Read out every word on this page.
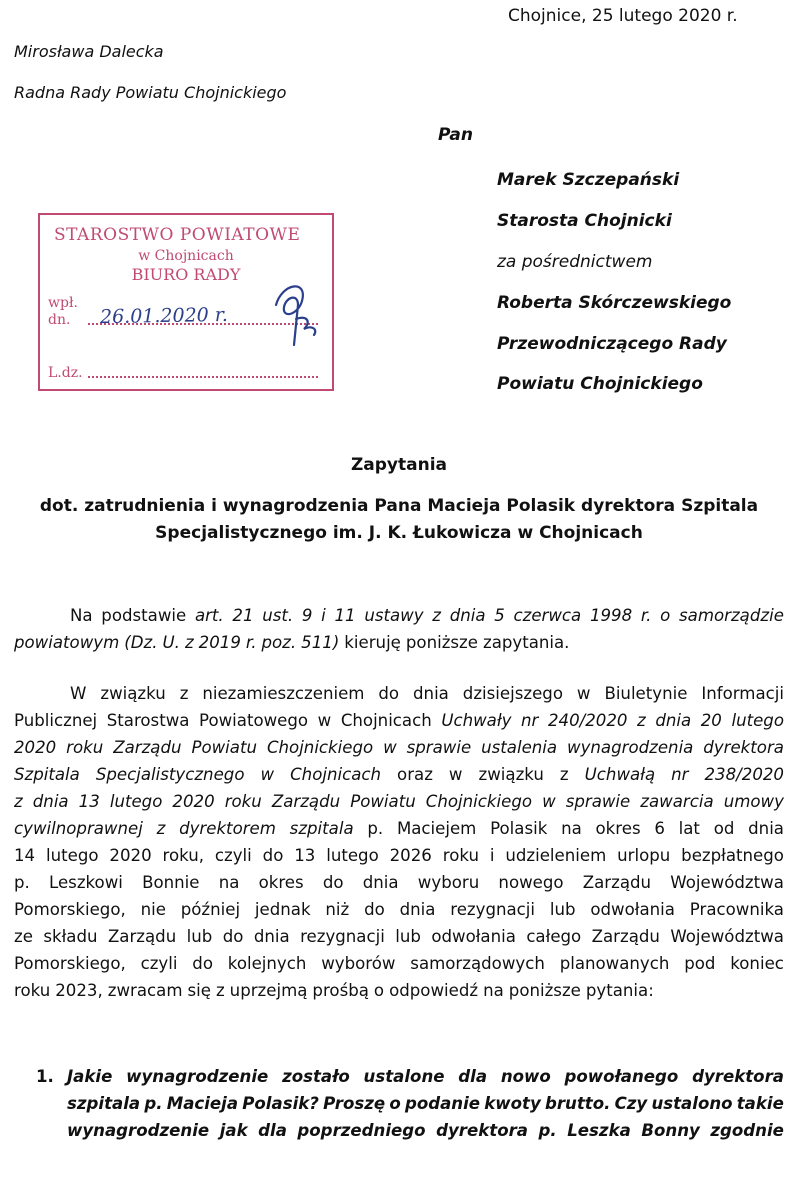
Chojnice, 25 lutego 2020 r.
Mirosława Dalecka
Radna Rady Powiatu Chojnickiego
Pan
Marek Szczepański
Starosta Chojnicki
za pośrednictwem
Roberta Skórczewskiego
Przewodniczącego Rady
Powiatu Chojnickiego
STAROSTWO POWIATOWE
w Chojnicach
BIURO RADY
wpł.
dn. 26.01.2020 r.
L.dz.
Zapytania
dot. zatrudnienia i wynagrodzenia Pana Macieja Polasik dyrektora Szpitala
Specjalistycznego im. J. K. Łukowicza w Chojnicach
Na podstawie art. 21 ust. 9 i 11 ustawy z dnia 5 czerwca 1998 r. o samorządzie
powiatowym (Dz. U. z 2019 r. poz. 511) kieruję poniższe zapytania.
W związku z niezamieszczeniem do dnia dzisiejszego w Biuletynie Informacji
Publicznej Starostwa Powiatowego w Chojnicach Uchwały nr 240/2020 z dnia 20 lutego
2020 roku Zarządu Powiatu Chojnickiego w sprawie ustalenia wynagrodzenia dyrektora
Szpitala Specjalistycznego w Chojnicach oraz w związku z Uchwałą nr 238/2020
z dnia 13 lutego 2020 roku Zarządu Powiatu Chojnickiego w sprawie zawarcia umowy
cywilnoprawnej z dyrektorem szpitala p. Maciejem Polasik na okres 6 lat od dnia
14 lutego 2020 roku, czyli do 13 lutego 2026 roku i udzieleniem urlopu bezpłatnego
p. Leszkowi Bonnie na okres do dnia wyboru nowego Zarządu Województwa
Pomorskiego, nie później jednak niż do dnia rezygnacji lub odwołania Pracownika
ze składu Zarządu lub do dnia rezygnacji lub odwołania całego Zarządu Województwa
Pomorskiego, czyli do kolejnych wyborów samorządowych planowanych pod koniec
roku 2023, zwracam się z uprzejmą prośbą o odpowiedź na poniższe pytania:
1. Jakie wynagrodzenie zostało ustalone dla nowo powołanego dyrektora
szpitala p. Macieja Polasik? Proszę o podanie kwoty brutto. Czy ustalono takie
wynagrodzenie jak dla poprzedniego dyrektora p. Leszka Bonny zgodnie
